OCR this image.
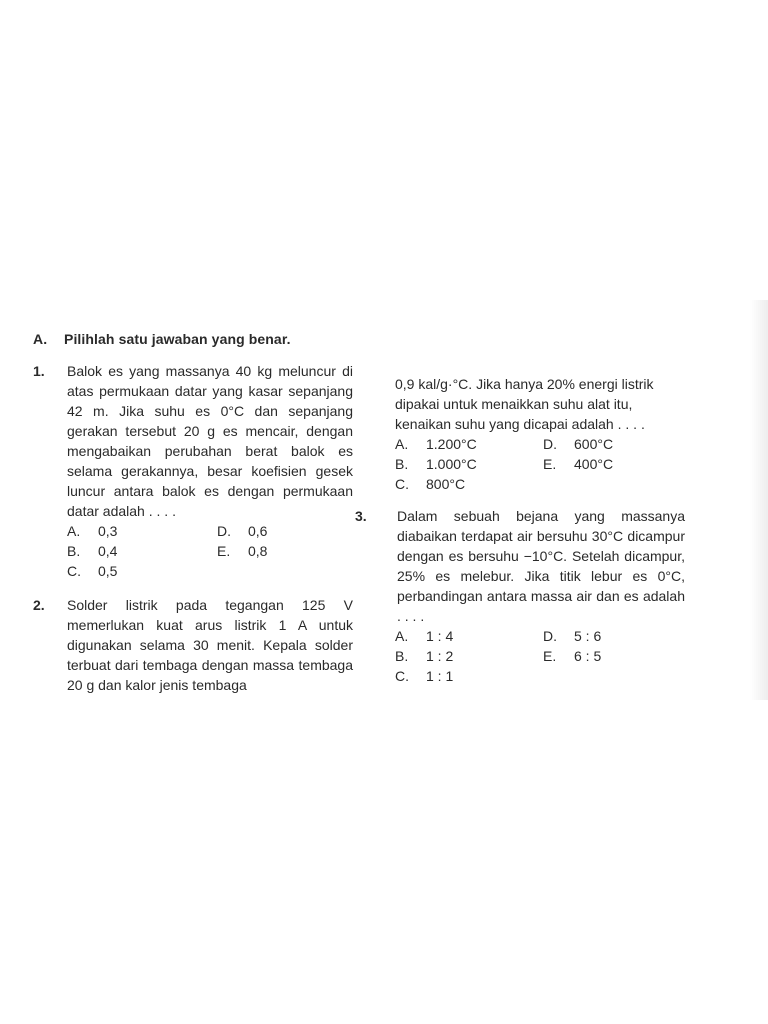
A. Pilihlah satu jawaban yang benar.
1. Balok es yang massanya 40 kg meluncur di atas permukaan datar yang kasar sepanjang 42 m. Jika suhu es 0°C dan sepanjang gerakan tersebut 20 g es mencair, dengan mengabaikan perubahan berat balok es selama gerakannya, besar koefisien gesek luncur antara balok es dengan permukaan datar adalah . . . .

A.	0,3	D.	0,6
B.	0,4	E.	0,8
C.	0,5
2. Solder listrik pada tegangan 125 V memerlukan kuat arus listrik 1 A untuk digunakan selama 30 menit. Kepala solder terbuat dari tembaga dengan massa tembaga 20 g dan kalor jenis tembaga

0,9 kal/g·°C. Jika hanya 20% energi listrik dipakai untuk menaikkan suhu alat itu, kenaikan suhu yang dicapai adalah . . . .

A.	1.200°C	D.	600°C
B.	1.000°C	E.	400°C
C.	800°C
3. Dalam sebuah bejana yang massanya diabaikan terdapat air bersuhu 30°C dicampur dengan es bersuhu −10°C. Setelah dicampur, 25% es melebur. Jika titik lebur es 0°C, perbandingan antara massa air dan es adalah . . . .

A.	1 : 4	D.	5 : 6
B.	1 : 2	E.	6 : 5
C.	1 : 1
